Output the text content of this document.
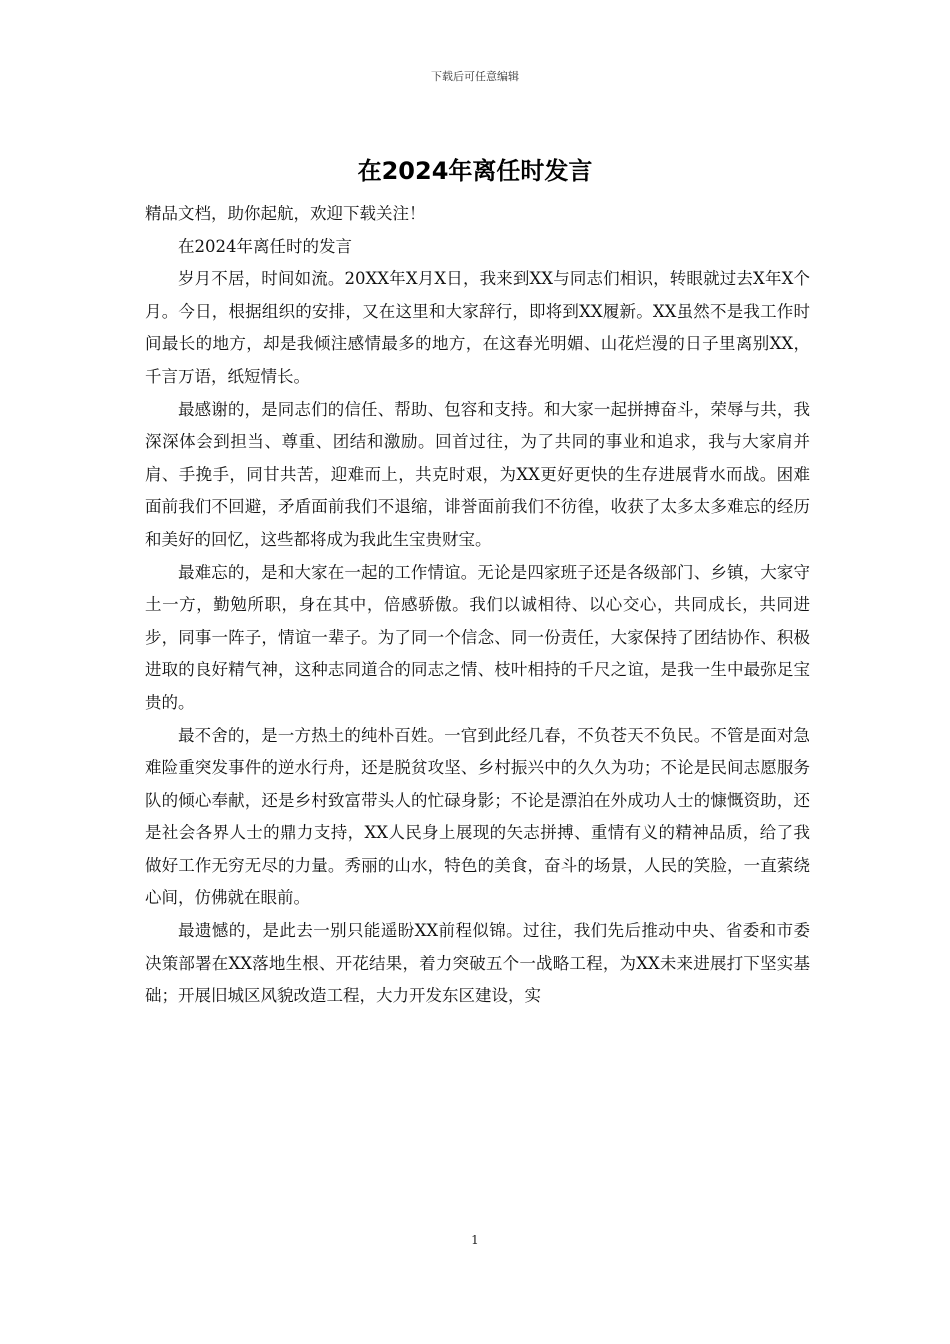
下载后可任意编辑
在2024年离任时发言

精品文档，助你起航，欢迎下载关注！

在2024年离任时的发言

岁月不居，时间如流。20XX年X月X日，我来到XX与同志们相识，转眼就过去X年X个月。今日，根据组织的安排，又在这里和大家辞行，即将到XX履新。XX虽然不是我工作时间最长的地方，却是我倾注感情最多的地方，在这春光明媚、山花烂漫的日子里离别XX，千言万语，纸短情长。

最感谢的，是同志们的信任、帮助、包容和支持。和大家一起拼搏奋斗，荣辱与共，我深深体会到担当、尊重、团结和激励。回首过往，为了共同的事业和追求，我与大家肩并肩、手挽手，同甘共苦，迎难而上，共克时艰，为XX更好更快的生存进展背水而战。困难面前我们不回避，矛盾面前我们不退缩，诽誉面前我们不彷徨，收获了太多太多难忘的经历和美好的回忆，这些都将成为我此生宝贵财宝。

最难忘的，是和大家在一起的工作情谊。无论是四家班子还是各级部门、乡镇，大家守土一方，勤勉所职，身在其中，倍感骄傲。我们以诚相待、以心交心，共同成长，共同进步，同事一阵子，情谊一辈子。为了同一个信念、同一份责任，大家保持了团结协作、积极进取的良好精气神，这种志同道合的同志之情、枝叶相持的千尺之谊，是我一生中最弥足宝贵的。

最不舍的，是一方热土的纯朴百姓。一官到此经几春，不负苍天不负民。不管是面对急难险重突发事件的逆水行舟，还是脱贫攻坚、乡村振兴中的久久为功；不论是民间志愿服务队的倾心奉献，还是乡村致富带头人的忙碌身影；不论是漂泊在外成功人士的慷慨资助，还是社会各界人士的鼎力支持，XX人民身上展现的矢志拼搏、重情有义的精神品质，给了我做好工作无穷无尽的力量。秀丽的山水，特色的美食，奋斗的场景，人民的笑脸，一直萦绕心间，仿佛就在眼前。

最遗憾的，是此去一别只能遥盼XX前程似锦。过往，我们先后推动中央、省委和市委决策部署在XX落地生根、开花结果，着力突破五个一战略工程，为XX未来进展打下坚实基础；开展旧城区风貌改造工程，大力开发东区建设，实

1
